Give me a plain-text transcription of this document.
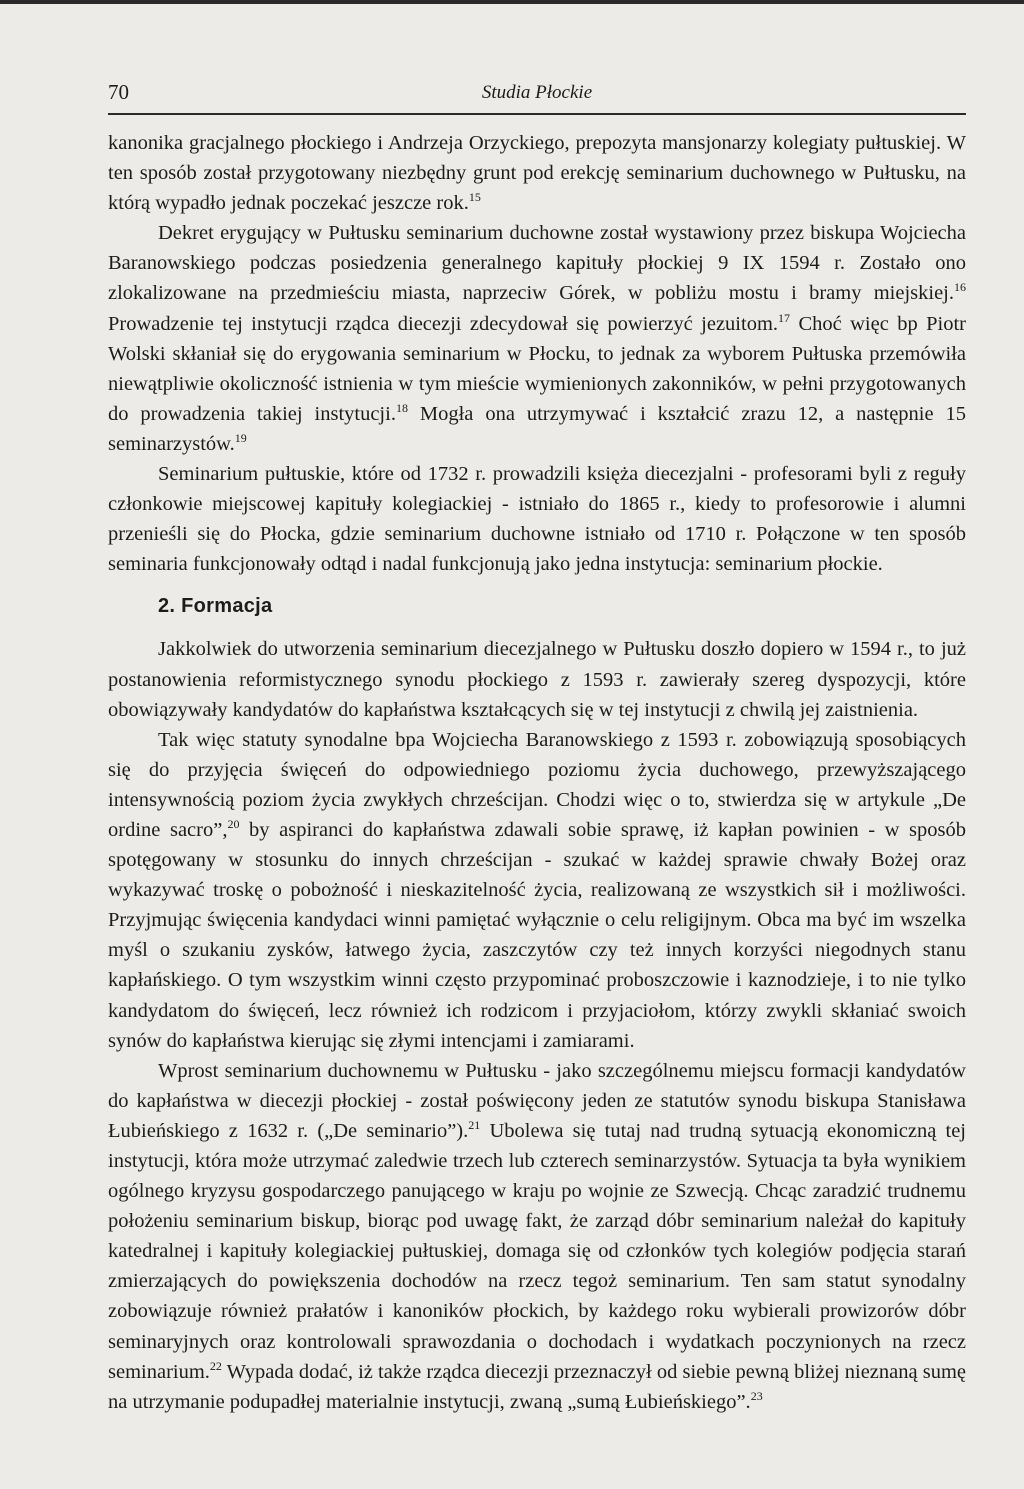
70	Studia Płockie

kanonika gracjalnego płockiego i Andrzeja Orzyckiego, prepozyta mansjonarzy kolegiaty pułtuskiej. W ten sposób został przygotowany niezbędny grunt pod erekcję seminarium duchownego w Pułtusku, na którą wypadło jednak poczekać jeszcze rok.$^{15}$

Dekret erygujący w Pułtusku seminarium duchowne został wystawiony przez biskupa Wojciecha Baranowskiego podczas posiedzenia generalnego kapituły płockiej 9 IX 1594 r. Zostało ono zlokalizowane na przedmieściu miasta, naprzeciw Górek, w pobliżu mostu i bramy miejskiej.$^{16}$ Prowadzenie tej instytucji rządca diecezji zdecydował się powierzyć jezuitom.$^{17}$ Choć więc bp Piotr Wolski skłaniał się do erygowania seminarium w Płocku, to jednak za wyborem Pułtuska przemówiła niewątpliwie okoliczność istnienia w tym mieście wymienionych zakonników, w pełni przygotowanych do prowadzenia takiej instytucji.$^{18}$ Mogła ona utrzymywać i kształcić zrazu 12, a następnie 15 seminarzystów.$^{19}$

Seminarium pułtuskie, które od 1732 r. prowadzili księża diecezjalni - profesorami byli z reguły członkowie miejscowej kapituły kolegiackiej - istniało do 1865 r., kiedy to profesorowie i alumni przenieśli się do Płocka, gdzie seminarium duchowne istniało od 1710 r. Połączone w ten sposób seminaria funkcjonowały odtąd i nadal funkcjonują jako jedna instytucja: seminarium płockie.

2. Formacja

Jakkolwiek do utworzenia seminarium diecezjalnego w Pułtusku doszło dopiero w 1594 r., to już postanowienia reformistycznego synodu płockiego z 1593 r. zawierały szereg dyspozycji, które obowiązywały kandydatów do kapłaństwa kształcących się w tej instytucji z chwilą jej zaistnienia.

Tak więc statuty synodalne bpa Wojciecha Baranowskiego z 1593 r. zobowiązują sposobiących się do przyjęcia święceń do odpowiedniego poziomu życia duchowego, przewyższającego intensywnością poziom życia zwykłych chrześcijan. Chodzi więc o to, stwierdza się w artykule „De ordine sacro”,$^{20}$ by aspiranci do kapłaństwa zdawali sobie sprawę, iż kapłan powinien - w sposób spotęgowany w stosunku do innych chrześcijan - szukać w każdej sprawie chwały Bożej oraz wykazywać troskę o pobożność i nieskazitelność życia, realizowaną ze wszystkich sił i możliwości. Przyjmując święcenia kandydaci winni pamiętać wyłącznie o celu religijnym. Obca ma być im wszelka myśl o szukaniu zysków, łatwego życia, zaszczytów czy też innych korzyści niegodnych stanu kapłańskiego. O tym wszystkim winni często przypominać proboszczowie i kaznodzieje, i to nie tylko kandydatom do święceń, lecz również ich rodzicom i przyjaciołom, którzy zwykli skłaniać swoich synów do kapłaństwa kierując się złymi intencjami i zamiarami.

Wprost seminarium duchownemu w Pułtusku - jako szczególnemu miejscu formacji kandydatów do kapłaństwa w diecezji płockiej - został poświęcony jeden ze statutów synodu biskupa Stanisława Łubieńskiego z 1632 r. („De seminario”).$^{21}$ Ubolewa się tutaj nad trudną sytuacją ekonomiczną tej instytucji, która może utrzymać zaledwie trzech lub czterech seminarzystów. Sytuacja ta była wynikiem ogólnego kryzysu gospodarczego panującego w kraju po wojnie ze Szwecją. Chcąc zaradzić trudnemu położeniu seminarium biskup, biorąc pod uwagę fakt, że zarząd dóbr seminarium należał do kapituły katedralnej i kapituły kolegiackiej pułtuskiej, domaga się od członków tych kolegiów podjęcia starań zmierzających do powiększenia dochodów na rzecz tegoż seminarium. Ten sam statut synodalny zobowiązuje również prałatów i kanoników płockich, by każdego roku wybierali prowizorów dóbr seminaryjnych oraz kontrolowali sprawozdania o dochodach i wydatkach poczynionych na rzecz seminarium.$^{22}$ Wypada dodać, iż także rządca diecezji przeznaczył od siebie pewną bliżej nieznaną sumę na utrzymanie podupadłej materialnie instytucji, zwaną „sumą Łubieńskiego”.$^{23}$
